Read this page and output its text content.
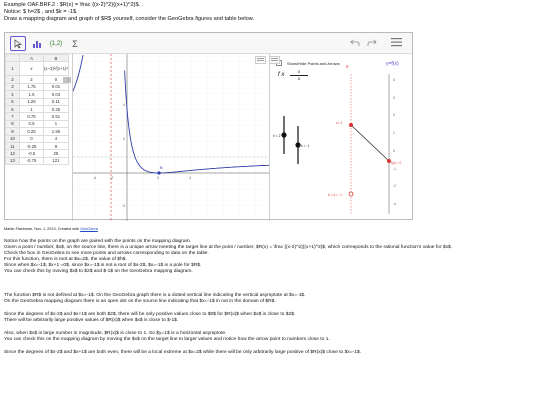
Example OAF.BRF.2 : $R(x) = \frac {(x-2)^2}{(x+1)^2}$. .
Notice: $ h=2$ , and $k = -1$.
Draw a mapping diagram and graph of $R$ yourself, consider the GeoGebra figures and table below.
{1,2} Σ
	A	B
1	x	(x−2)²/(x+1)²
2	2	0
3	1.75	0.01
4	1.5	0.04
5	1.25	0.11
6	1	0.25
7	0.75	0.51
8	0.5	1
9	0.25	1.96
10	0	4
11	-0.25	9
12	-0.5	25
13	-0.75	121
B
-4	-2	2	4
4
2
-2
Show/Hide Points and Arrows
f x $\frac{x}{x}$
x	y=f(x)
4
3
2
1
0
-1
-2
-4
x= 2
h = 2
k = -1
f(x) = 0
h = k = -1
Martin Flashman, Nov. 1, 2013, Created with GeoGebra
Notice how the points on the graph are paired with the points on the mapping diagram.
Given a point / number, $x$, on the source line, there is a unique arrow meeting the target line at the point / number, $R(x) = \frac {(x-2)^2}{(x+1)^2}$, which corresponds to the rational function's value for $x$.
Check the box in GeoGebra to see more points and arrows corresponding to data on the table.
For this function, there is root at $a=2$, the value of $h$.
Since when $x=-1$, $x+1 =0$, since $x=-1$ is not a root of $x-2$, $x=-1$ is a pole for $R$.
You can check this by moving $x$ to $2$ and $-1$ on the GeoGebra mapping diagram.
The function $R$ is not defined at $x=-1$. On the GeoGebra graph there is a dotted vertical line indicating the vertical asymptote at $x=-1$.
On the GeoGebra mapping diagram there is an open dot on the source line indicating that $x=-1$ in not in the domain of $R$.
Since the degrees of $x-2$ and $x+1$ are both $2$, there will be only positive values close to $0$ for $R(x)$ when $x$ is close to $2$.
There will be arbitrarily large positive values of $R(x)$ when $x$ is close to $-1$.
Also, when $x$ is large number in magnitude, $R(x)$ is close to 1. So $y=1$ is a horizontal asymptote.
You can check this on the mapping diagram by moving the $x$ on the target line to larger values and notice how the arrow point to numbers close to 1.
Since the degrees of $x-2$ and $x+1$ are both even, there will be a local extreme at $x=2$ while there will be only arbitrarily large positive of $R(x)$ close to $x=-1$.
